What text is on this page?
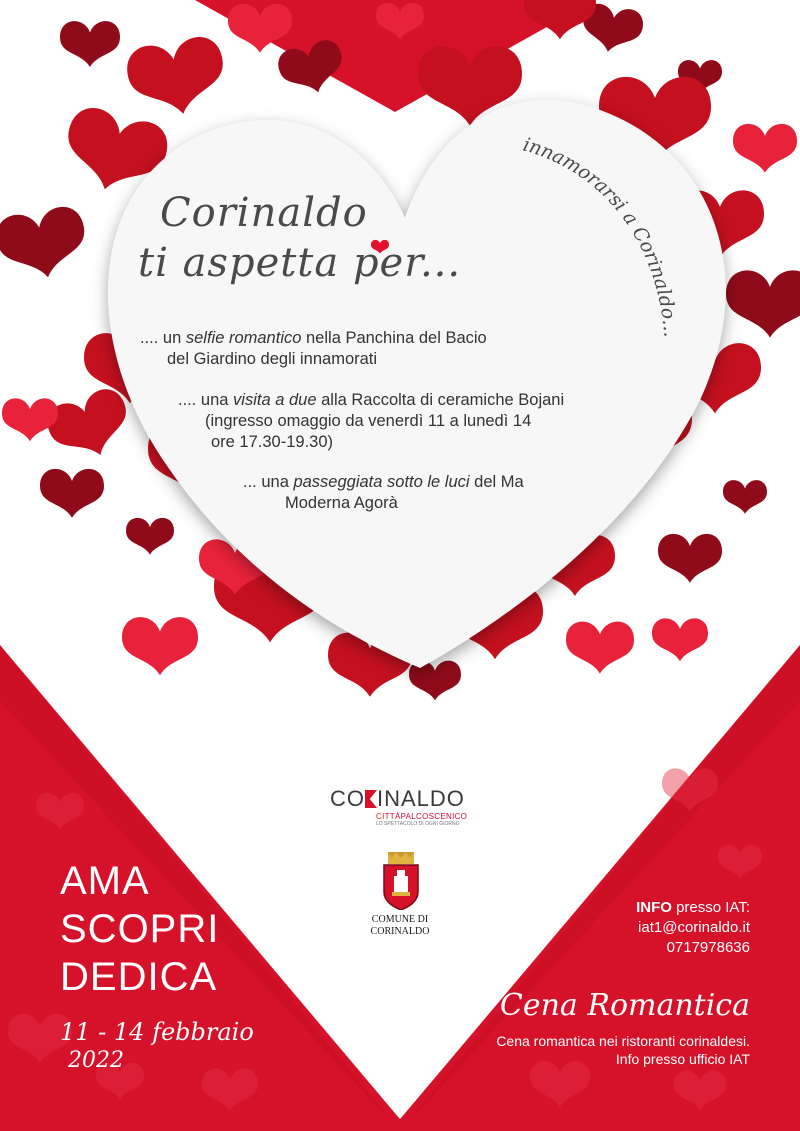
innamorarsi a Corinaldo...
Corinaldo
ti aspetta per...
.... un selfie romantico nella Panchina del Bacio
del Giardino degli innamorati
.... una visita a due alla Raccolta di ceramiche Bojani
(ingresso omaggio da venerdì 11 a lunedì 14
ore 17.30-19.30)
... una passeggiata sotto le luci del Ma
Moderna Agorà
CO INALDO
CITTÀPALCOSCENICO
LO SPETTACOLO DI OGNI GIORNO
COMUNE DI
CORINALDO
AMA
SCOPRI
DEDICA
11 - 14 febbraio
2022
INFO presso IAT:
iat1@corinaldo.it
0717978636
Cena Romantica
Cena romantica nei ristoranti corinaldesi.
Info presso ufficio IAT
